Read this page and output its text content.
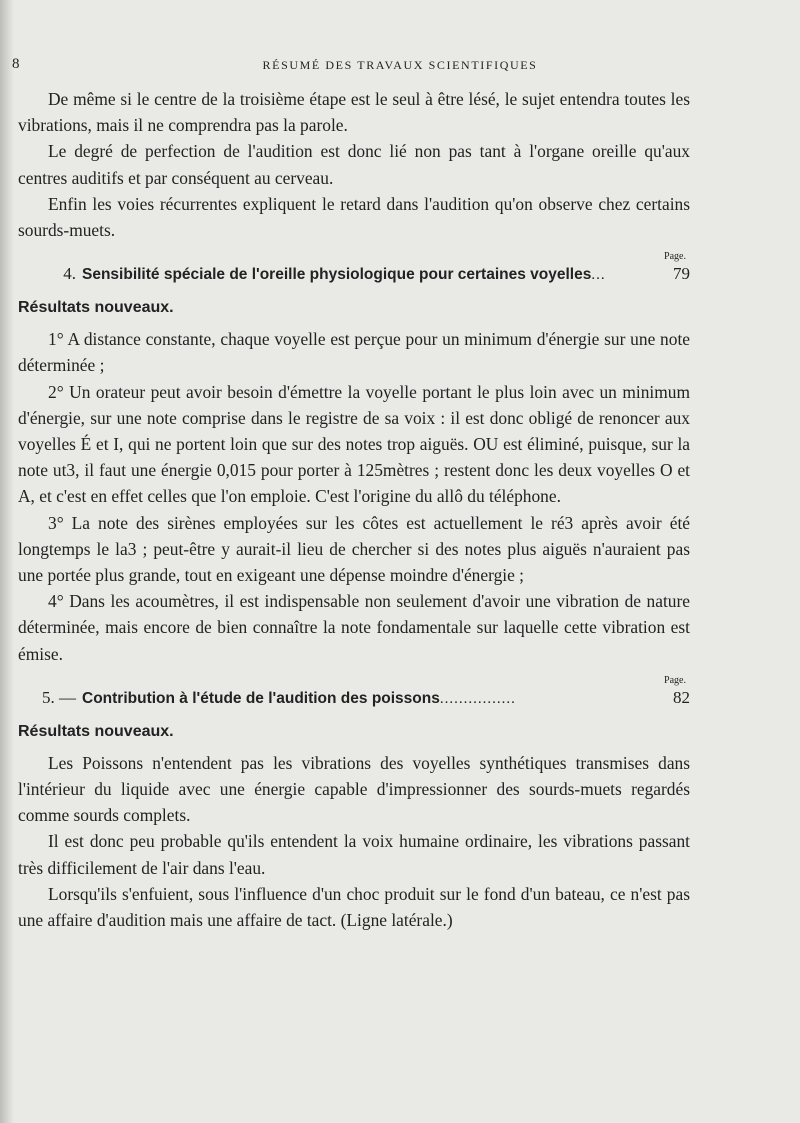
8	RÉSUMÉ DES TRAVAUX SCIENTIFIQUES

De même si le centre de la troisième étape est le seul à être lésé, le sujet entendra toutes les vibrations, mais il ne comprendra pas la parole.

Le degré de perfection de l'audition est donc lié non pas tant à l'organe oreille qu'aux centres auditifs et par conséquent au cerveau.

Enfin les voies récurrentes expliquent le retard dans l'audition qu'on observe chez certains sourds-muets.

Page.
4. Sensibilité spéciale de l'oreille physiologique pour certaines voyelles ...	79
Résultats nouveaux.

1° A distance constante, chaque voyelle est perçue pour un minimum d'énergie sur une note déterminée ;

2° Un orateur peut avoir besoin d'émettre la voyelle portant le plus loin avec un minimum d'énergie, sur une note comprise dans le registre de sa voix : il est donc obligé de renoncer aux voyelles É et I, qui ne portent loin que sur des notes trop aiguës. OU est éliminé, puisque, sur la note ut3, il faut une énergie 0,015 pour porter à 125mètres ; restent donc les deux voyelles O et A, et c'est en effet celles que l'on emploie. C'est l'origine du allô du téléphone.

3° La note des sirènes employées sur les côtes est actuellement le ré3 après avoir été longtemps le la3 ; peut-être y aurait-il lieu de chercher si des notes plus aiguës n'auraient pas une portée plus grande, tout en exigeant une dépense moindre d'énergie ;

4° Dans les acoumètres, il est indispensable non seulement d'avoir une vibration de nature déterminée, mais encore de bien connaître la note fondamentale sur laquelle cette vibration est émise.

Page.
5. — Contribution à l'étude de l'audition des poissons ................	82
Résultats nouveaux.

Les Poissons n'entendent pas les vibrations des voyelles synthétiques transmises dans l'intérieur du liquide avec une énergie capable d'impressionner des sourds-muets regardés comme sourds complets.

Il est donc peu probable qu'ils entendent la voix humaine ordinaire, les vibrations passant très difficilement de l'air dans l'eau.

Lorsqu'ils s'enfuient, sous l'influence d'un choc produit sur le fond d'un bateau, ce n'est pas une affaire d'audition mais une affaire de tact. (Ligne latérale.)
